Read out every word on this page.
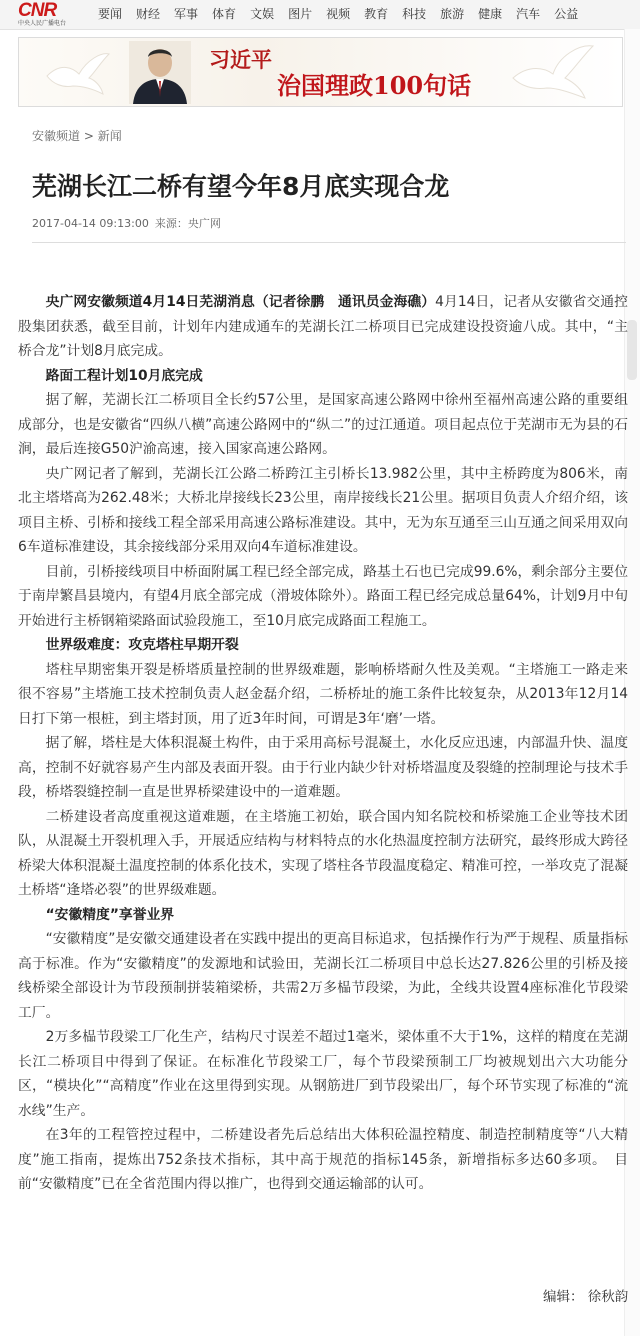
CNR
中央人民广播电台
要闻 财经 军事 体育 文娱 图片 视频 教育 科技 旅游 健康 汽车 公益
习近平
治国理政100句话
安徽频道 > 新闻
芜湖长江二桥有望今年8月底实现合龙
2017-04-14 09:13:00 来源：央广网

央广网安徽频道4月14日芜湖消息（记者徐鹏　通讯员金海礁）4月14日，记者从安徽省交通控股集团获悉，截至目前，计划年内建成通车的芜湖长江二桥项目已完成建设投资逾八成。其中，“主桥合龙”计划8月底完成。

路面工程计划10月底完成

据了解，芜湖长江二桥项目全长约57公里，是国家高速公路网中徐州至福州高速公路的重要组成部分，也是安徽省“四纵八横”高速公路网中的“纵二”的过江通道。项目起点位于芜湖市无为县的石涧，最后连接G50沪渝高速，接入国家高速公路网。

央广网记者了解到，芜湖长江公路二桥跨江主引桥长13.982公里，其中主桥跨度为806米，南北主塔塔高为262.48米；大桥北岸接线长23公里，南岸接线长21公里。据项目负责人介绍介绍，该项目主桥、引桥和接线工程全部采用高速公路标准建设。其中，无为东互通至三山互通之间采用双向6车道标准建设，其余接线部分采用双向4车道标准建设。

目前，引桥接线项目中桥面附属工程已经全部完成，路基土石也已完成99.6%，剩余部分主要位于南岸繁昌县境内，有望4月底全部完成（滑坡体除外）。路面工程已经完成总量64%，计划9月中旬开始进行主桥钢箱梁路面试验段施工，至10月底完成路面工程施工。

世界级难度：攻克塔柱早期开裂

塔柱早期密集开裂是桥塔质量控制的世界级难题，影响桥塔耐久性及美观。“主塔施工一路走来很不容易”主塔施工技术控制负责人赵金磊介绍，二桥桥址的施工条件比较复杂，从2013年12月14日打下第一根桩，到主塔封顶，用了近3年时间，可谓是3年‘磨’一塔。

据了解，塔柱是大体积混凝土构件，由于采用高标号混凝土，水化反应迅速，内部温升快、温度高，控制不好就容易产生内部及表面开裂。由于行业内缺少针对桥塔温度及裂缝的控制理论与技术手段，桥塔裂缝控制一直是世界桥梁建设中的一道难题。

二桥建设者高度重视这道难题，在主塔施工初始，联合国内知名院校和桥梁施工企业等技术团队，从混凝土开裂机理入手，开展适应结构与材料特点的水化热温度控制方法研究，最终形成大跨径桥梁大体积混凝土温度控制的体系化技术，实现了塔柱各节段温度稳定、精准可控，一举攻克了混凝土桥塔“逢塔必裂”的世界级难题。

“安徽精度”享誉业界

“安徽精度”是安徽交通建设者在实践中提出的更高目标追求，包括操作行为严于规程、质量指标高于标准。作为“安徽精度”的发源地和试验田，芜湖长江二桥项目中总长达27.826公里的引桥及接线桥梁全部设计为节段预制拼装箱梁桥，共需2万多榀节段梁，为此，全线共设置4座标准化节段梁工厂。

2万多榀节段梁工厂化生产，结构尺寸误差不超过1毫米，梁体重不大于1%，这样的精度在芜湖长江二桥项目中得到了保证。在标准化节段梁工厂，每个节段梁预制工厂均被规划出六大功能分区，“模块化”“高精度”作业在这里得到实现。从钢筋进厂到节段梁出厂，每个环节实现了标准的“流水线”生产。

在3年的工程管控过程中，二桥建设者先后总结出大体积砼温控精度、制造控制精度等“八大精度”施工指南，提炼出752条技术指标，其中高于规范的指标145条，新增指标多达60多项。　目前“安徽精度”已在全省范围内得以推广，也得到交通运输部的认可。

编辑： 徐秋韵
